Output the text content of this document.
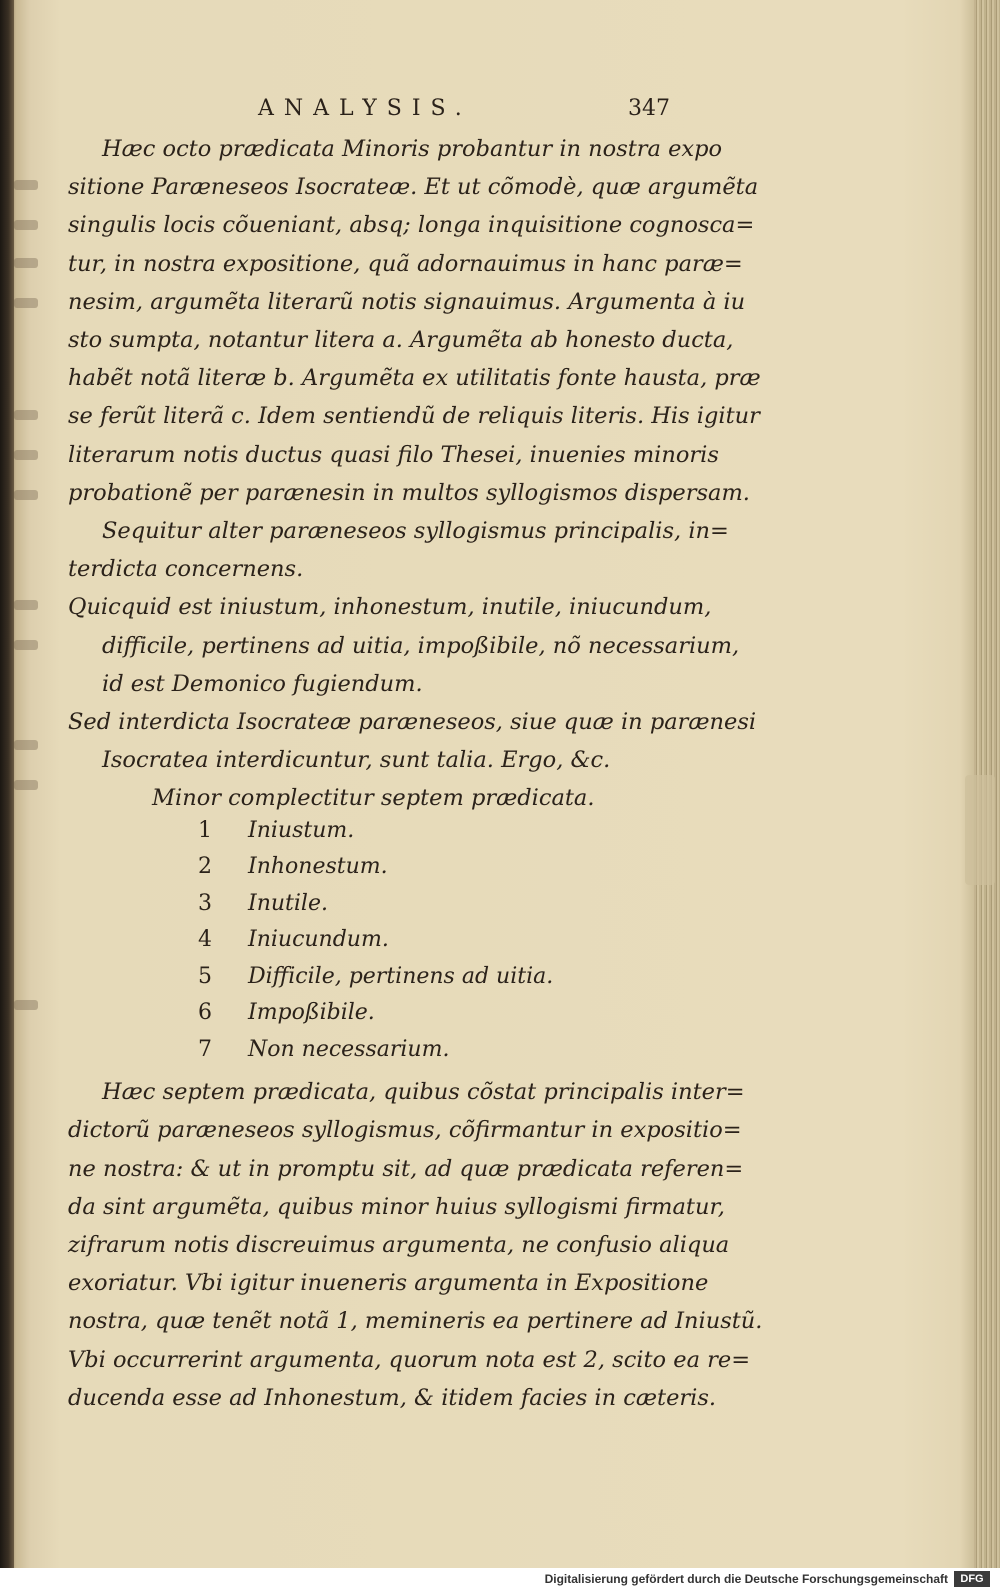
ANALYSIS.	347

Hæc octo prædicata Minoris probantur in nostra expo

sitione Paræneseos Isocrateæ. Et ut cõmodè, quæ argumẽta

singulis locis cõueniant, absq; longa inquisitione cognosca=

tur, in nostra expositione, quã adornauimus in hanc paræ=

nesim, argumẽta literarũ notis signauimus. Argumenta à iu

sto sumpta, notantur litera a. Argumẽta ab honesto ducta,

habẽt notã literæ b. Argumẽta ex utilitatis fonte hausta, præ

se ferũt literã c. Idem sentiendũ de reliquis literis. His igitur

literarum notis ductus quasi filo Thesei, inuenies minoris

probationẽ per parænesin in multos syllogismos dispersam.

Sequitur alter paræneseos syllogismus principalis, in=

terdicta concernens.

Quicquid est iniustum, inhonestum, inutile, iniucundum,

difficile, pertinens ad uitia, impoßibile, nõ necessarium,

id est Demonico fugiendum.

Sed interdicta Isocrateæ paræneseos, siue quæ in parænesi

Isocratea interdicuntur, sunt talia. Ergo, &c.

Minor complectitur septem prædicata.

1 Iniustum.
2 Inhonestum.
3 Inutile.
4 Iniucundum.
5 Difficile, pertinens ad uitia.
6 Impoßibile.
7 Non necessarium.

Hæc septem prædicata, quibus cõstat principalis inter=

dictorũ paræneseos syllogismus, cõfirmantur in expositio=

ne nostra: & ut in promptu sit, ad quæ prædicata referen=

da sint argumẽta, quibus minor huius syllogismi firmatur,

zifrarum notis discreuimus argumenta, ne confusio aliqua

exoriatur. Vbi igitur inueneris argumenta in Expositione

nostra, quæ tenẽt notã 1, memineris ea pertinere ad Iniustũ.

Vbi occurrerint argumenta, quorum nota est 2, scito ea re=

ducenda esse ad Inhonestum, & itidem facies in cæteris.

Digitalisierung gefördert durch die Deutsche Forschungsgemeinschaft	DFG
